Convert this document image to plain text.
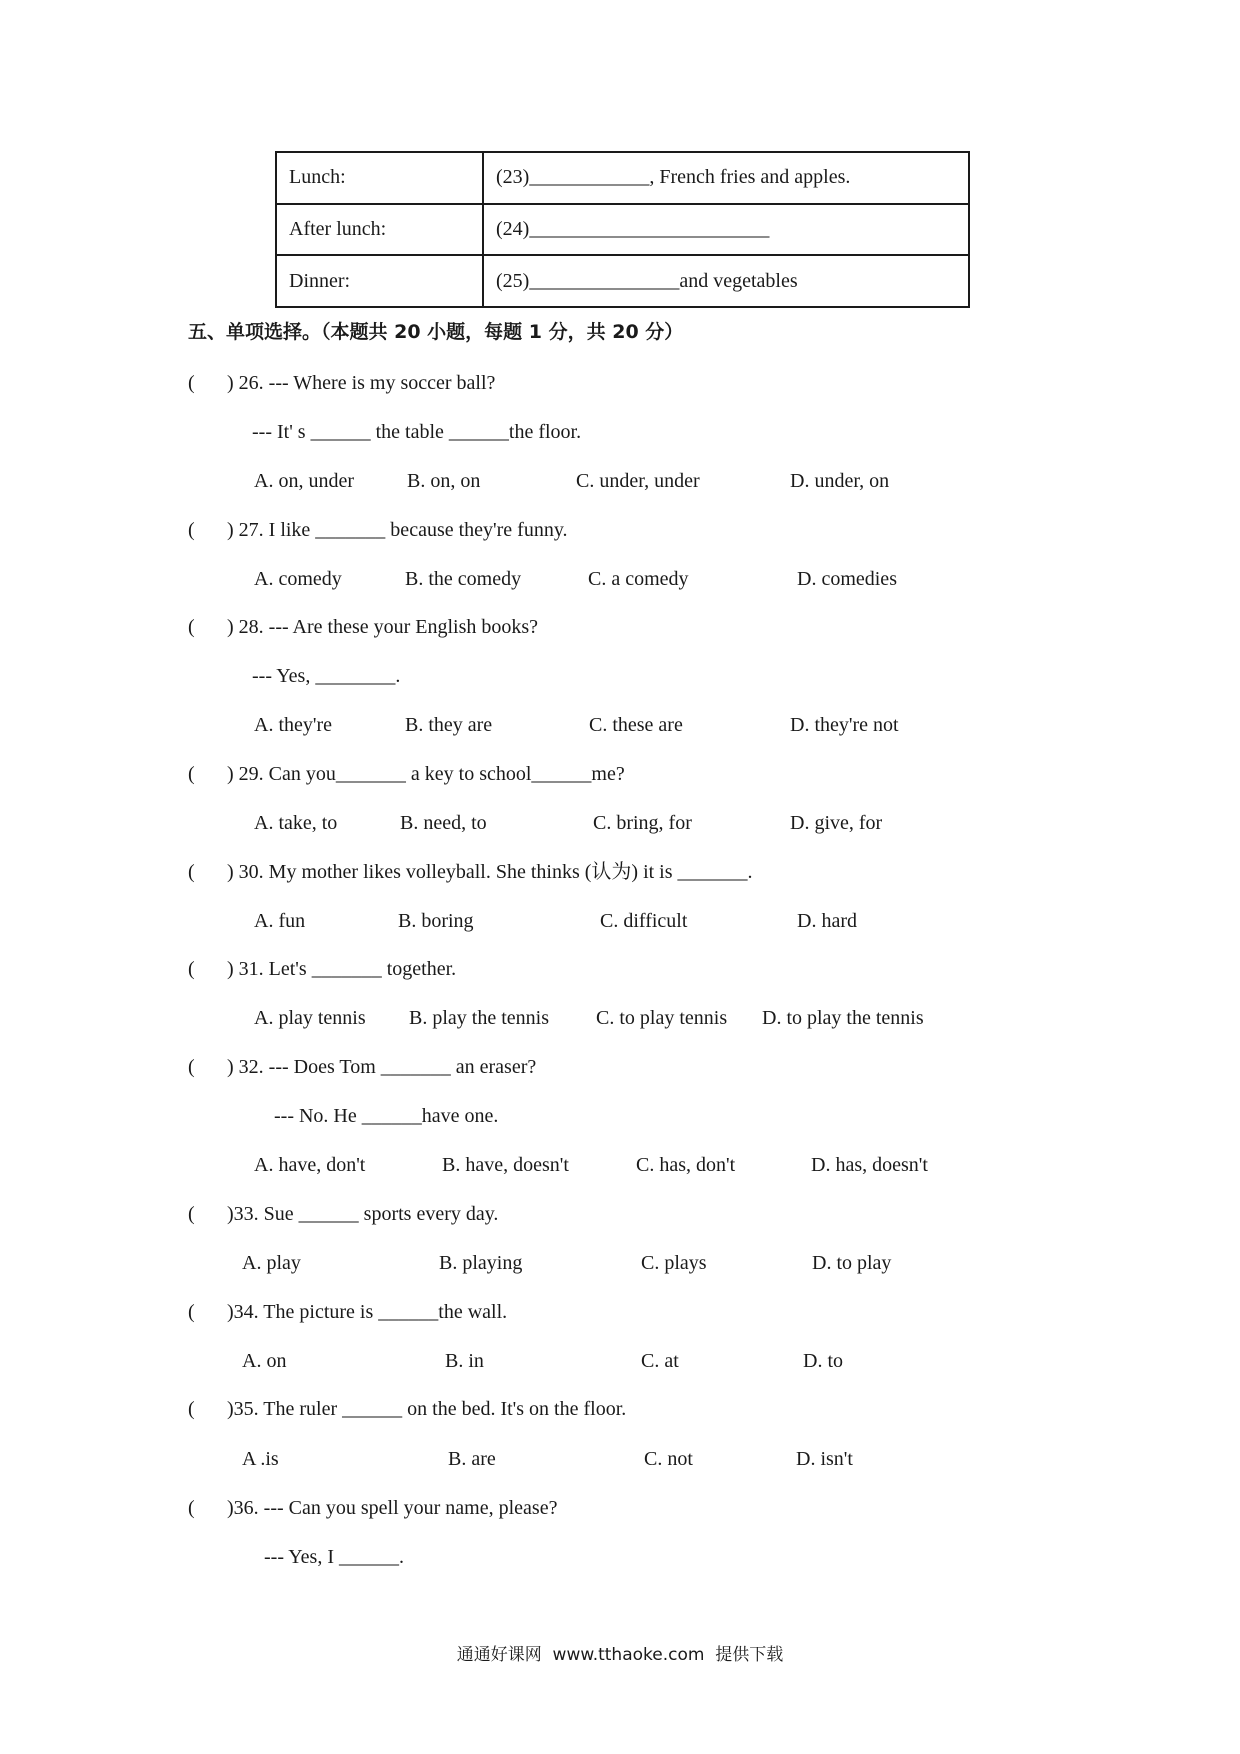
Lunch:	(23)____________, French fries and apples.
After lunch:	(24)________________________
Dinner:	(25)_______________and vegetables
五、单项选择。（本题共 20 小题，每题 1 分，共 20 分）
( ) 26. --- Where is my soccer ball?
--- It' s ______ the table ______the floor.
A. on, under	B. on, on	C. under, under	D. under, on
( ) 27. I like _______ because they're funny.
A. comedy	B. the comedy	C. a comedy	D. comedies
( ) 28. --- Are these your English books?
--- Yes, ________.
A. they're	B. they are	C. these are	D. they're not
( ) 29. Can you_______ a key to school______me?
A. take, to	B. need, to	C. bring, for	D. give, for
( ) 30. My mother likes volleyball. She thinks (认为) it is _______.
A. fun	B. boring	C. difficult	D. hard
( ) 31. Let's _______ together.
A. play tennis B. play the tennis C. to play tennis D. to play the tennis
( ) 32. --- Does Tom _______ an eraser?
--- No. He ______have one.
A. have, don't	B. have, doesn't	C. has, don't	D. has, doesn't
( )33. Sue ______ sports every day.
A. play	B. playing	C. plays	D. to play
( )34. The picture is ______the wall.
A. on	B. in	C. at	D. to
( )35. The ruler ______ on the bed. It's on the floor.
A .is	B. are	C. not	D. isn't
( )36. --- Can you spell your name, please?
--- Yes, I ______.
通通好课网  www.tthaoke.com  提供下载
